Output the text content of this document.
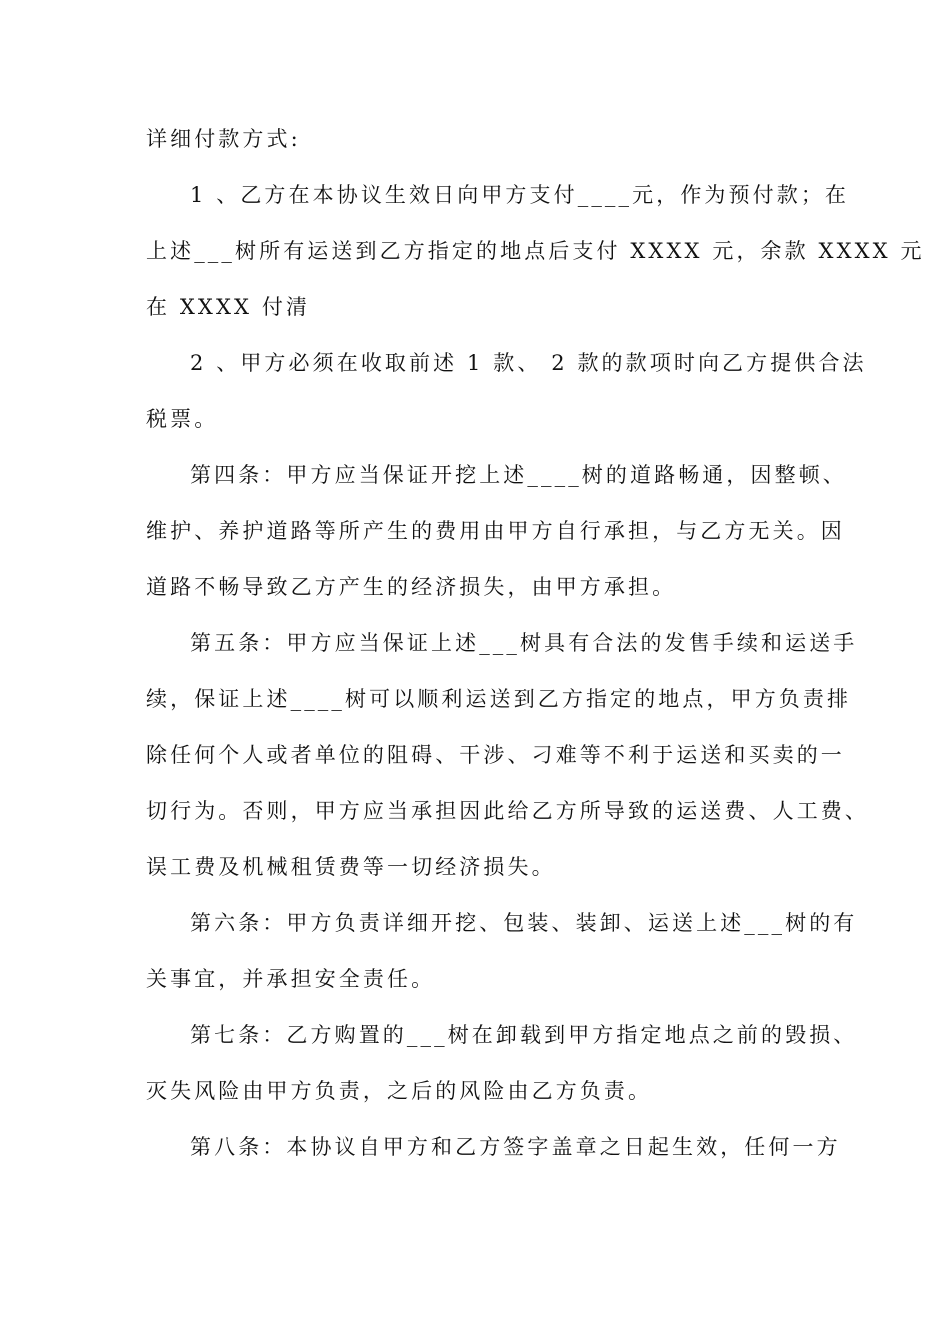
详细付款方式:
1 、乙方在本协议生效日向甲方支付____元，作为预付款；在
上述___树所有运送到乙方指定的地点后支付 XXXX 元，余款 XXXX 元
在 XXXX 付清
2 、甲方必须在收取前述 1 款、 2 款的款项时向乙方提供合法
税票。
第四条：甲方应当保证开挖上述____树的道路畅通，因整顿、
维护、养护道路等所产生的费用由甲方自行承担，与乙方无关。因
道路不畅导致乙方产生的经济损失，由甲方承担。
第五条：甲方应当保证上述___树具有合法的发售手续和运送手
续，保证上述____树可以顺利运送到乙方指定的地点，甲方负责排
除任何个人或者单位的阻碍、干涉、刁难等不利于运送和买卖的一
切行为。否则，甲方应当承担因此给乙方所导致的运送费、人工费、
误工费及机械租赁费等一切经济损失。
第六条：甲方负责详细开挖、包装、装卸、运送上述___树的有
关事宜，并承担安全责任。
第七条：乙方购置的___树在卸载到甲方指定地点之前的毁损、
灭失风险由甲方负责，之后的风险由乙方负责。
第八条：本协议自甲方和乙方签字盖章之日起生效，任何一方
